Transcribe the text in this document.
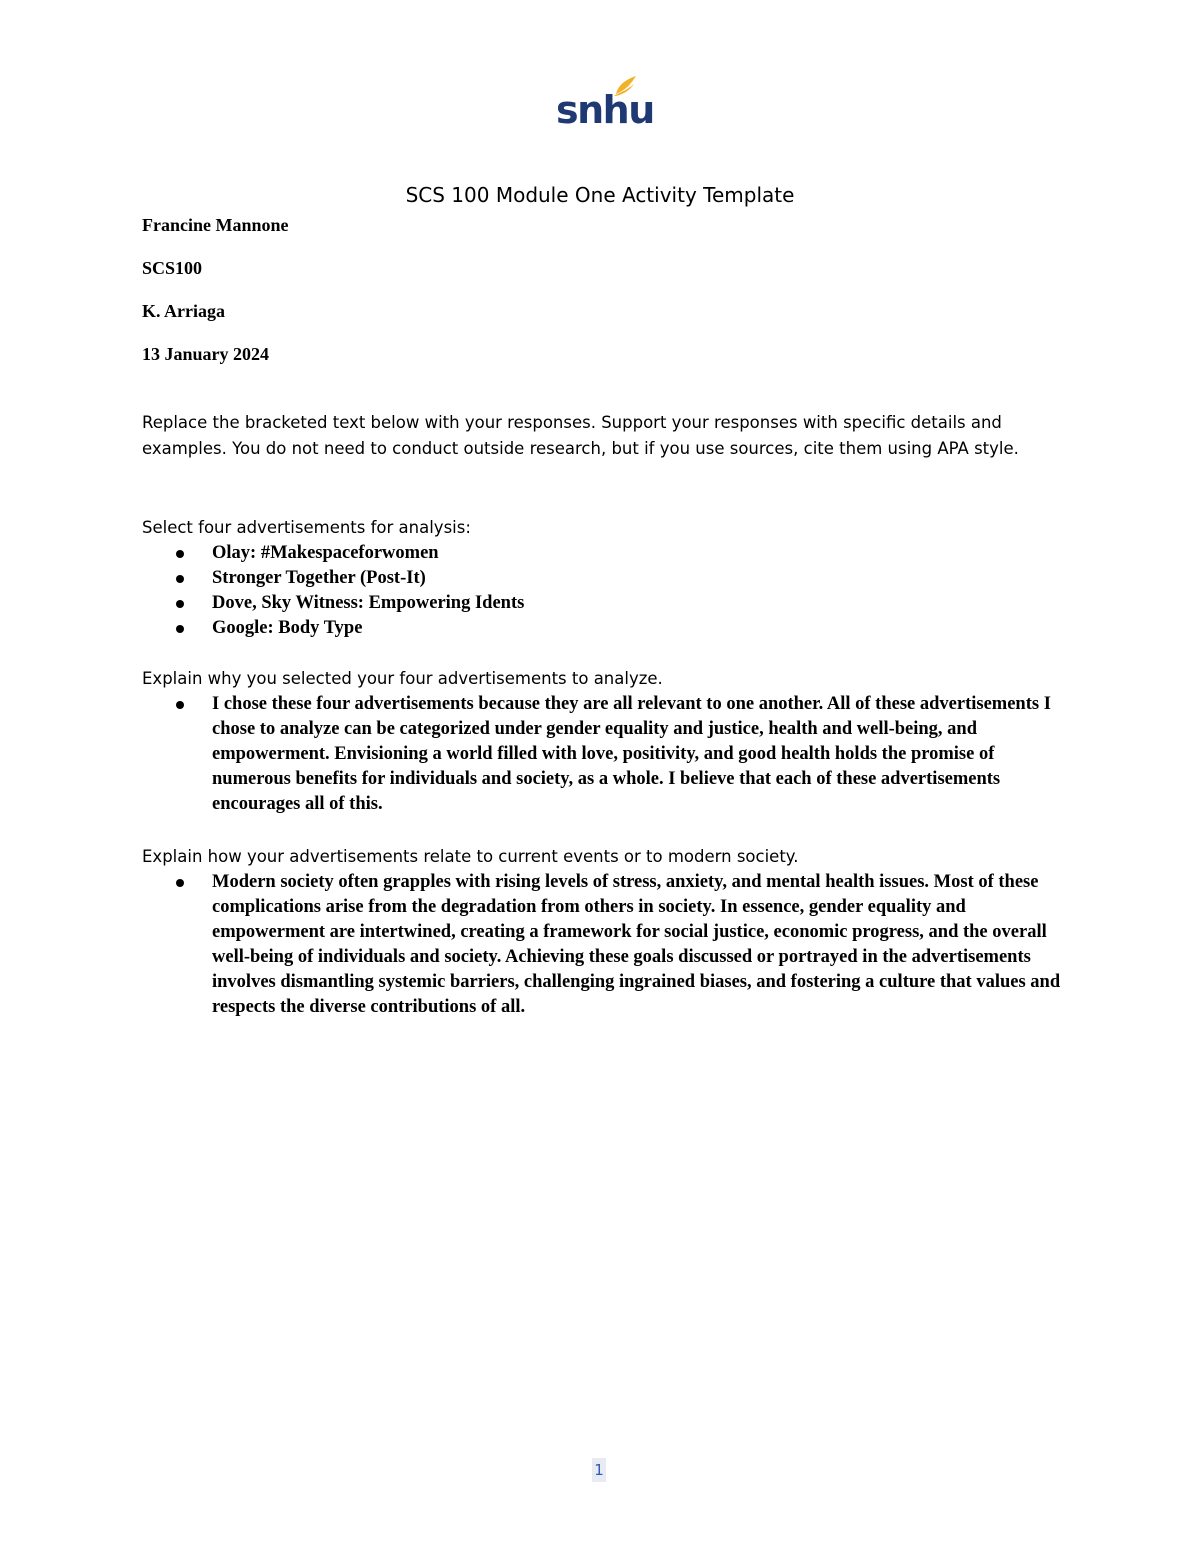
snhu
SCS 100 Module One Activity Template
Francine Mannone
SCS100
K. Arriaga
13 January 2024
Replace the bracketed text below with your responses. Support your responses with specific details and examples. You do not need to conduct outside research, but if you use sources, cite them using APA style.
Select four advertisements for analysis:
Olay: #Makespaceforwomen
Stronger Together (Post-It)
Dove, Sky Witness: Empowering Idents
Google: Body Type
Explain why you selected your four advertisements to analyze.
I chose these four advertisements because they are all relevant to one another. All of these advertisements I chose to analyze can be categorized under gender equality and justice, health and well-being, and empowerment. Envisioning a world filled with love, positivity, and good health holds the promise of numerous benefits for individuals and society, as a whole. I believe that each of these advertisements encourages all of this.
Explain how your advertisements relate to current events or to modern society.
Modern society often grapples with rising levels of stress, anxiety, and mental health issues. Most of these complications arise from the degradation from others in society. In essence, gender equality and empowerment are intertwined, creating a framework for social justice, economic progress, and the overall well-being of individuals and society. Achieving these goals discussed or portrayed in the advertisements involves dismantling systemic barriers, challenging ingrained biases, and fostering a culture that values and respects the diverse contributions of all.
1
